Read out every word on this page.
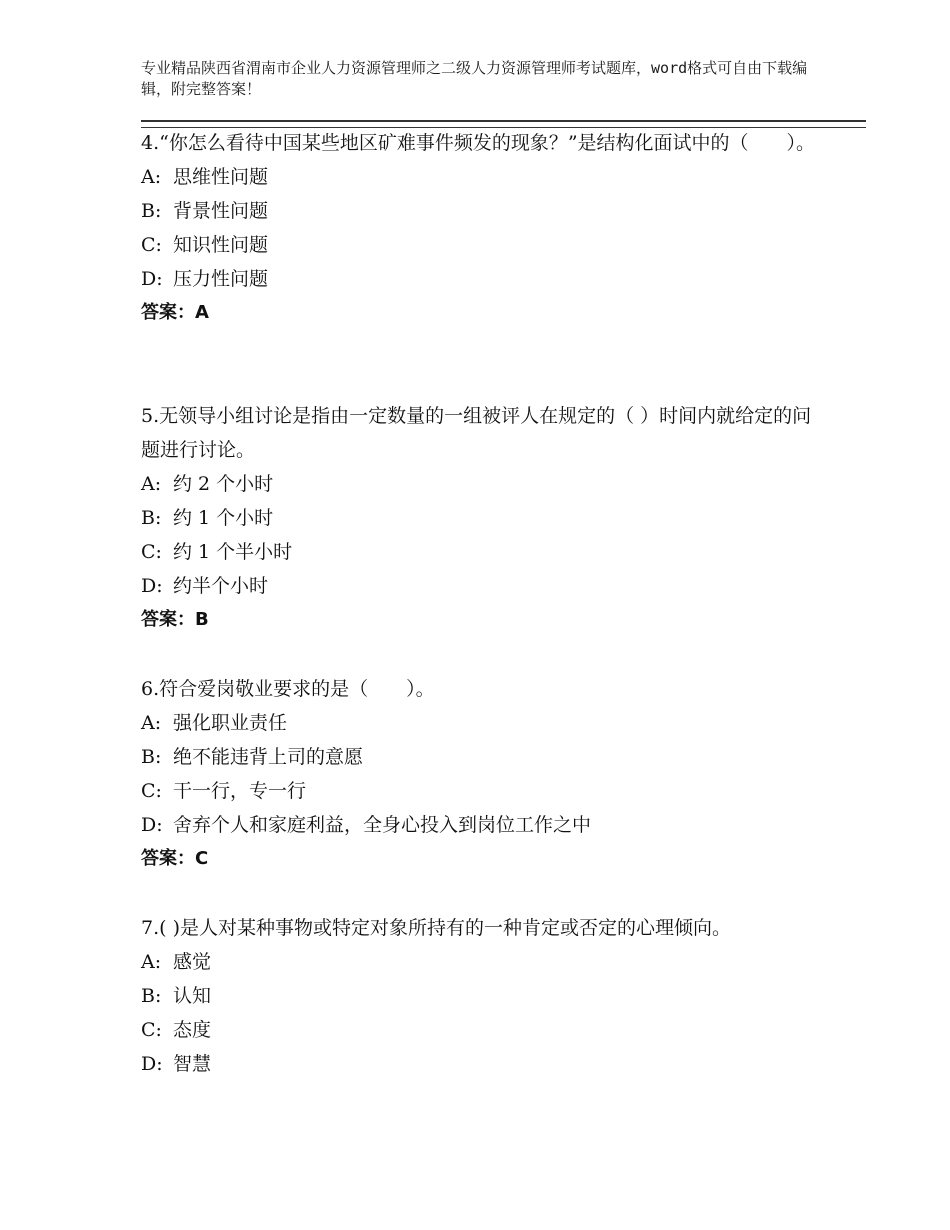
专业精品陕西省渭南市企业人力资源管理师之二级人力资源管理师考试题库，word格式可自由下载编辑，附完整答案！

4.“你怎么看待中国某些地区矿难事件频发的现象？”是结构化面试中的（　　）。

A: 思维性问题

B: 背景性问题

C: 知识性问题

D: 压力性问题

答案：A

5.无领导小组讨论是指由一定数量的一组被评人在规定的（ ）时间内就给定的问题进行讨论。

A: 约 2 个小时

B: 约 1 个小时

C: 约 1 个半小时

D: 约半个小时

答案：B

6.符合爱岗敬业要求的是（　　）。

A: 强化职业责任

B: 绝不能违背上司的意愿

C: 干一行，专一行

D: 舍弃个人和家庭利益，全身心投入到岗位工作之中

答案：C

7.( )是人对某种事物或特定对象所持有的一种肯定或否定的心理倾向。

A: 感觉

B: 认知

C: 态度

D: 智慧
